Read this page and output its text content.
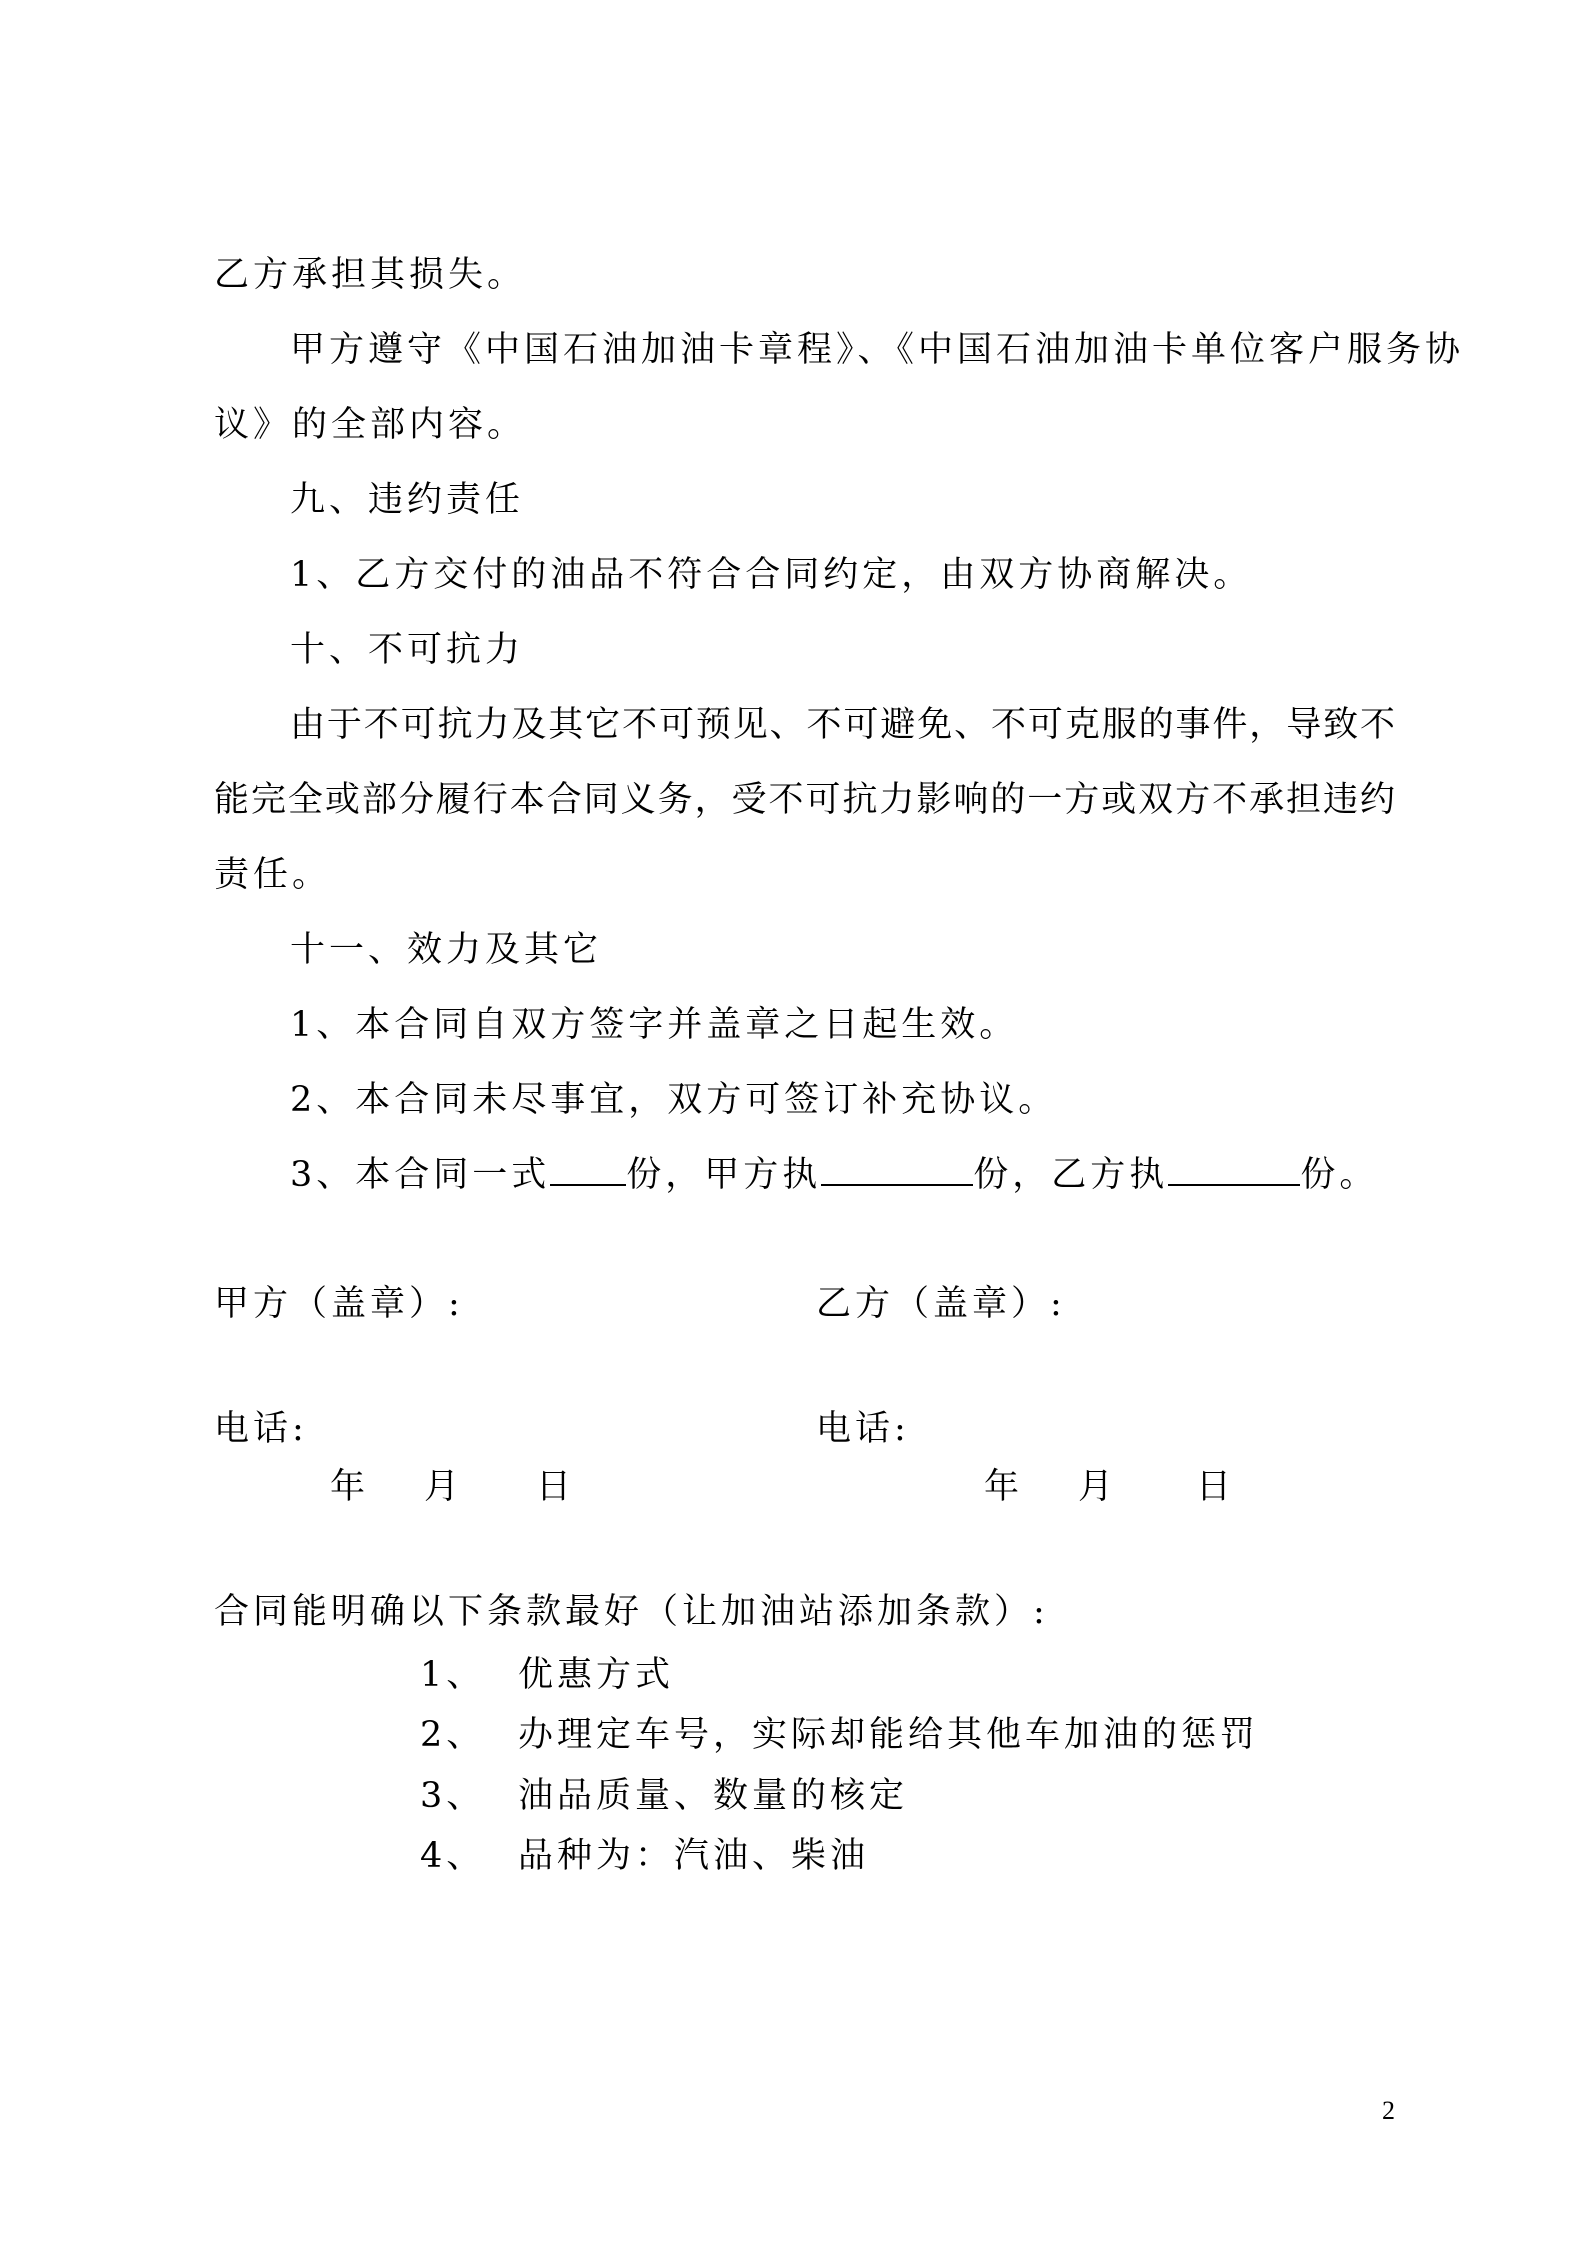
乙方承担其损失。
甲方遵守《中国石油加油卡章程》、《中国石油加油卡单位客户服务协
议》的全部内容。
九、违约责任
1、乙方交付的油品不符合合同约定，由双方协商解决。
十、不可抗力
由于不可抗力及其它不可预见、不可避免、不可克服的事件，导致不
能完全或部分履行本合同义务，受不可抗力影响的一方或双方不承担违约
责任。
十一、效力及其它
1、本合同自双方签字并盖章之日起生效。
2、本合同未尽事宜，双方可签订补充协议。
3、本合同一式 份，甲方执	份，乙方执	份。
甲方（盖章）:	乙方（盖章）:
电话:	电话:
年 月 日	年 月 日
合同能明确以下条款最好（让加油站添加条款）:
1、 优惠方式
2、 办理定车号，实际却能给其他车加油的惩罚
3、 油品质量、数量的核定
4、 品种为：汽油、柴油
2
